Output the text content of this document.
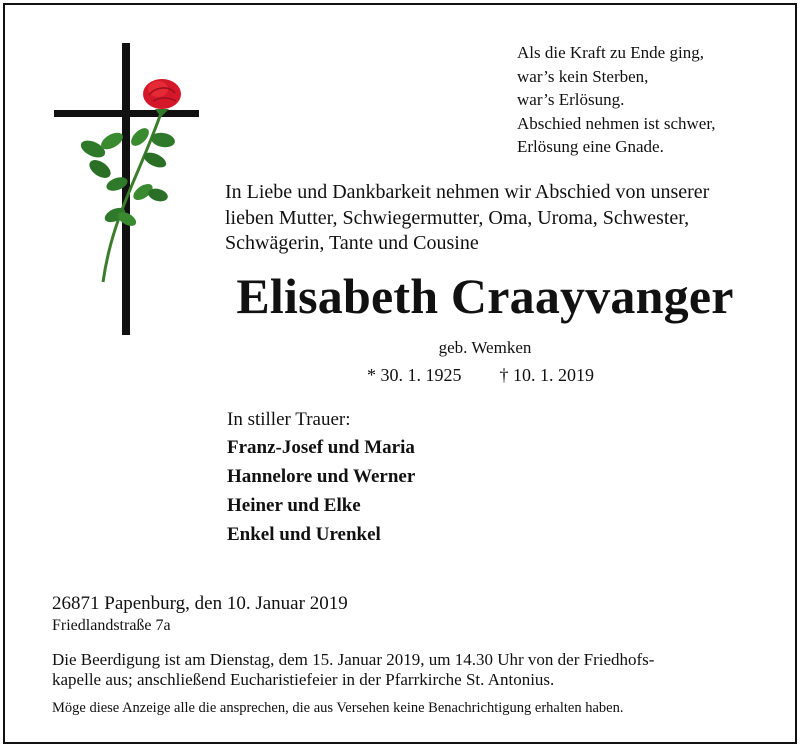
Als die Kraft zu Ende ging,
war’s kein Sterben,
war’s Erlösung.
Abschied nehmen ist schwer,
Erlösung eine Gnade.
In Liebe und Dankbarkeit nehmen wir Abschied von unserer
lieben Mutter, Schwiegermutter, Oma, Uroma, Schwester,
Schwägerin, Tante und Cousine
Elisabeth Craayvanger
geb. Wemken
* 30. 1. 1925 † 10. 1. 2019
In stiller Trauer:
Franz-Josef und Maria
Hannelore und Werner
Heiner und Elke
Enkel und Urenkel
26871 Papenburg, den 10. Januar 2019
Friedlandstraße 7a
Die Beerdigung ist am Dienstag, dem 15. Januar 2019, um 14.30 Uhr von der Friedhofs-
kapelle aus; anschließend Eucharistiefeier in der Pfarrkirche St. Antonius.
Möge diese Anzeige alle die ansprechen, die aus Versehen keine Benachrichtigung erhalten haben.
